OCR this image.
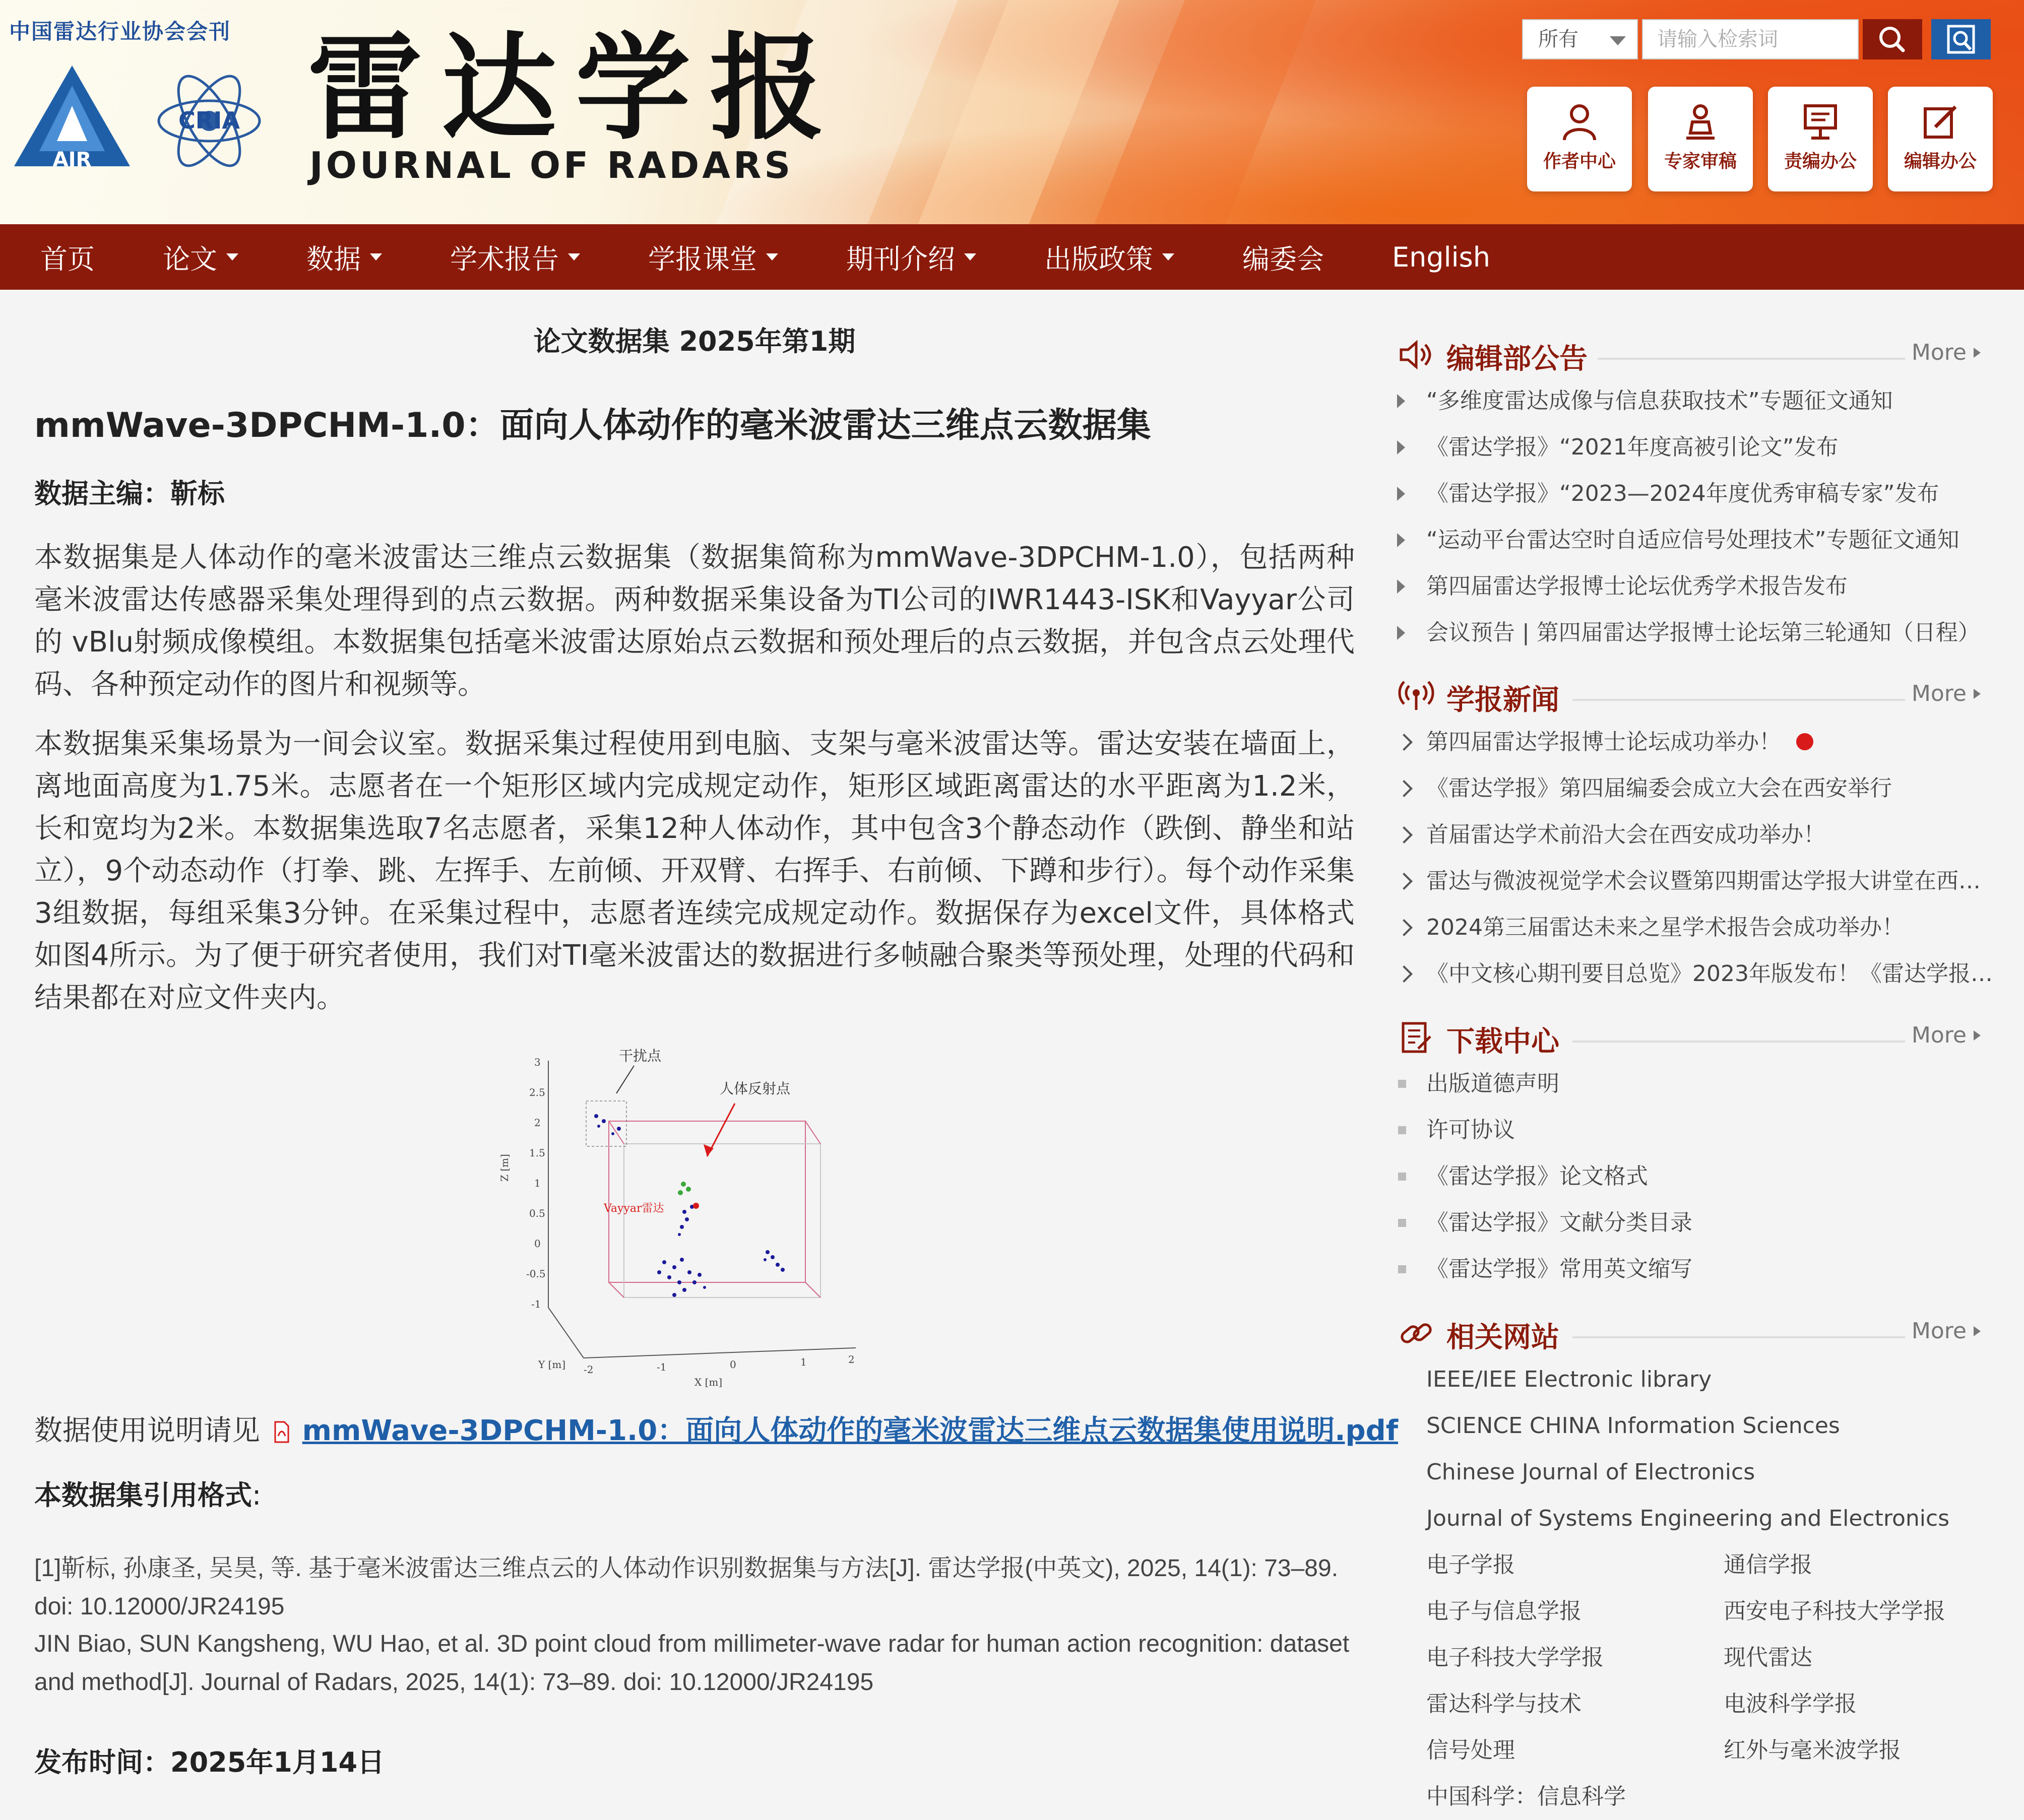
中国雷达行业协会会刊
AIR
CRIA 雷达学报
JOURNAL OF RADARS
所有
请输入检索词
作者中心	专家审稿	责编办公	编辑办公
首页	论文	数据	学术报告	学报课堂	期刊介绍	出版政策	编委会	English
论文数据集 2025年第1期
mmWave-3DPCHM-1.0：面向人体动作的毫米波雷达三维点云数据集
数据主编：靳标
本数据集是人体动作的毫米波雷达三维点云数据集（数据集简称为mmWave-3DPCHM-1.0），包括两种毫米波雷达传感器采集处理得到的点云数据。两种数据采集设备为TI公司的IWR1443-ISK和Vayyar公司的 vBlu射频成像模组。本数据集包括毫米波雷达原始点云数据和预处理后的点云数据，并包含点云处理代码、各种预定动作的图片和视频等。
本数据集采集场景为一间会议室。数据采集过程使用到电脑、支架与毫米波雷达等。雷达安装在墙面上，离地面高度为1.75米。志愿者在一个矩形区域内完成规定动作，矩形区域距离雷达的水平距离为1.2米，长和宽均为2米。本数据集选取7名志愿者，采集12种人体动作，其中包含3个静态动作（跌倒、静坐和站立），9个动态动作（打拳、跳、左挥手、左前倾、开双臂、右挥手、右前倾、下蹲和步行）。每个动作采集3组数据，每组采集3分钟。在采集过程中，志愿者连续完成规定动作。数据保存为excel文件，具体格式如图4所示。为了便于研究者使用，我们对TI毫米波雷达的数据进行多帧融合聚类等预处理，处理的代码和结果都在对应文件夹内。
3
2.5
2
1.5
1
0.5
0
-0.5
-1
-2	-1	0	1	2
Z [m]
Y [m]
X [m]
干扰点
人体反射点
Vayyar雷达
数据使用说明请见 mmWave-3DPCHM-1.0：面向人体动作的毫米波雷达三维点云数据集使用说明.pdf
本数据集引用格式:
[1]靳标, 孙康圣, 吴昊, 等. 基于毫米波雷达三维点云的人体动作识别数据集与方法[J]. 雷达学报(中英文), 2025, 14(1): 73–89. doi: 10.12000/JR24195
JIN Biao, SUN Kangsheng, WU Hao, et al. 3D point cloud from millimeter-wave radar for human action recognition: dataset and method[J]. Journal of Radars, 2025, 14(1): 73–89. doi: 10.12000/JR24195
发布时间：2025年1月14日
编辑部公告	More
“多维度雷达成像与信息获取技术”专题征文通知
《雷达学报》“2021年度高被引论文”发布
《雷达学报》“2023—2024年度优秀审稿专家”发布
“运动平台雷达空时自适应信号处理技术”专题征文通知
第四届雷达学报博士论坛优秀学术报告发布
会议预告 | 第四届雷达学报博士论坛第三轮通知（日程）
学报新闻	More
第四届雷达学报博士论坛成功举办！
《雷达学报》第四届编委会成立大会在西安举行
首届雷达学术前沿大会在西安成功举办！
雷达与微波视觉学术会议暨第四期雷达学报大讲堂在西…
2024第三届雷达未来之星学术报告会成功举办！
《中文核心期刊要目总览》2023年版发布！《雷达学报…
下载中心	More
出版道德声明
许可协议
《雷达学报》论文格式
《雷达学报》文献分类目录
《雷达学报》常用英文缩写
相关网站	More
IEEE/IEE Electronic library
SCIENCE CHINA Information Sciences
Chinese Journal of Electronics
Journal of Systems Engineering and Electronics
电子学报	通信学报
电子与信息学报	西安电子科技大学学报
电子科技大学学报	现代雷达
雷达科学与技术	电波科学学报
信号处理	红外与毫米波学报
中国科学：信息科学
